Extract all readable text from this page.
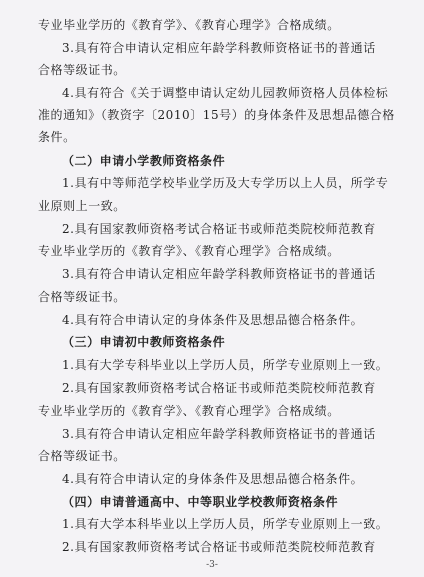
专业毕业学历的《教育学》、《教育心理学》合格成绩。
3.具有符合申请认定相应年龄学科教师资格证书的普通话
合格等级证书。
4.具有符合《关于调整申请认定幼儿园教师资格人员体检标
准的通知》（教资字〔2010〕15号）的身体条件及思想品德合格
条件。
（二）申请小学教师资格条件
1.具有中等师范学校毕业学历及大专学历以上人员，所学专
业原则上一致。
2.具有国家教师资格考试合格证书或师范类院校师范教育
专业毕业学历的《教育学》、《教育心理学》合格成绩。
3.具有符合申请认定相应年龄学科教师资格证书的普通话
合格等级证书。
4.具有符合申请认定的身体条件及思想品德合格条件。
（三）申请初中教师资格条件
1.具有大学专科毕业以上学历人员，所学专业原则上一致。
2.具有国家教师资格考试合格证书或师范类院校师范教育
专业毕业学历的《教育学》、《教育心理学》合格成绩。
3.具有符合申请认定相应年龄学科教师资格证书的普通话
合格等级证书。
4.具有符合申请认定的身体条件及思想品德合格条件。
（四）申请普通高中、中等职业学校教师资格条件
1.具有大学本科毕业以上学历人员，所学专业原则上一致。
2.具有国家教师资格考试合格证书或师范类院校师范教育
-3-
